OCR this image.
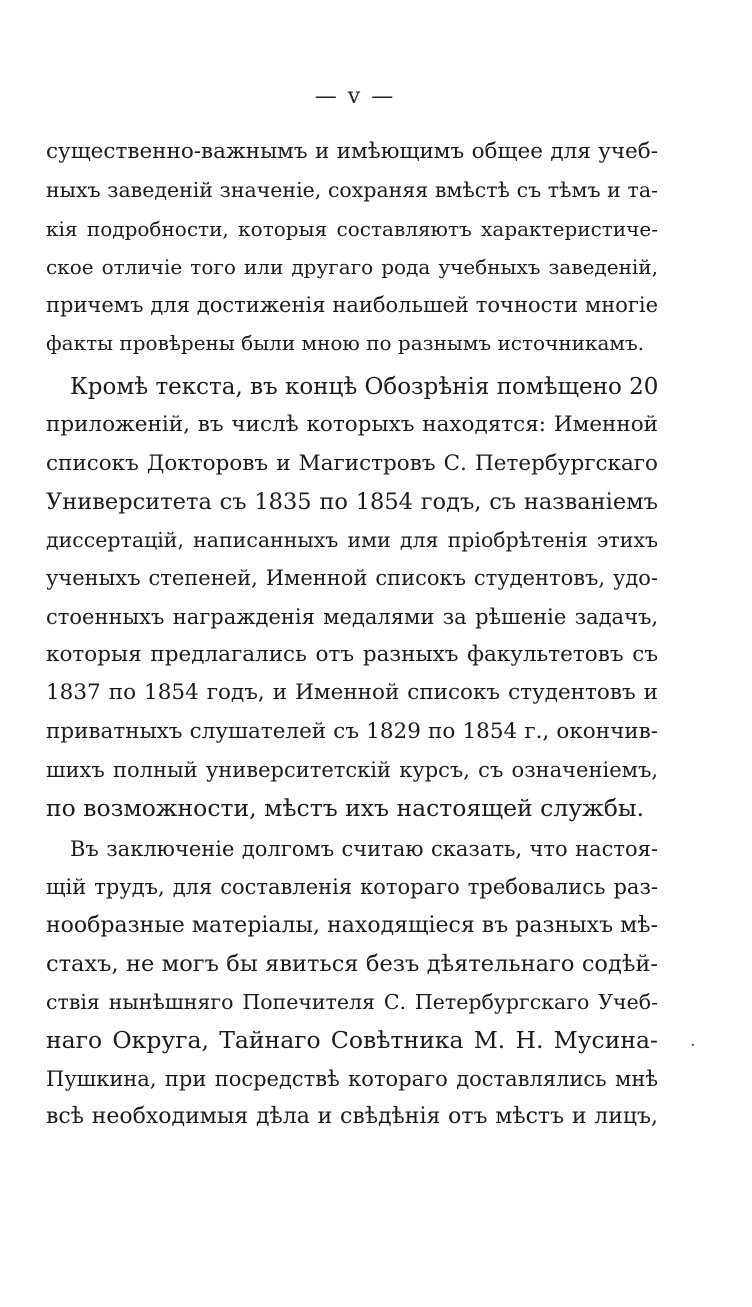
— v —
существенно-важнымъ и имѣющимъ общее для учеб-
ныхъ заведеній значеніе, сохраняя вмѣстѣ съ тѣмъ и та-
кія подробности, которыя составляютъ характеристиче-
ское отличіе того или другаго рода учебныхъ заведеній,
причемъ для достиженія наибольшей точности многіе
факты провѣрены были мною по разнымъ источникамъ.
Кромѣ текста, въ концѣ Обозрѣнія помѣщено 20
приложеній, въ числѣ которыхъ находятся: Именной
списокъ Докторовъ и Магистровъ С. Петербургскаго
Университета съ 1835 по 1854 годъ, съ названіемъ
диссертацій, написанныхъ ими для пріобрѣтенія этихъ
ученыхъ степеней, Именной списокъ студентовъ, удо-
стоенныхъ награжденія медалями за рѣшеніе задачъ,
которыя предлагались отъ разныхъ факультетовъ съ
1837 по 1854 годъ, и Именной списокъ студентовъ и
приватныхъ слушателей съ 1829 по 1854 г., окончив-
шихъ полный университетскій курсъ, съ означеніемъ,
по возможности, мѣстъ ихъ настоящей службы.
Въ заключеніе долгомъ считаю сказать, что настоя-
щій трудъ, для составленія котораго требовались раз-
нообразные матеріалы, находящіеся въ разныхъ мѣ-
стахъ, не могъ бы явиться безъ дѣятельнаго содѣй-
ствія нынѣшняго Попечителя С. Петербургскаго Учеб-
наго Округа, Тайнаго Совѣтника М. Н. Мусина-
Пушкина, при посредствѣ котораго доставлялись мнѣ
всѣ необходимыя дѣла и свѣдѣнія отъ мѣстъ и лицъ,
·
